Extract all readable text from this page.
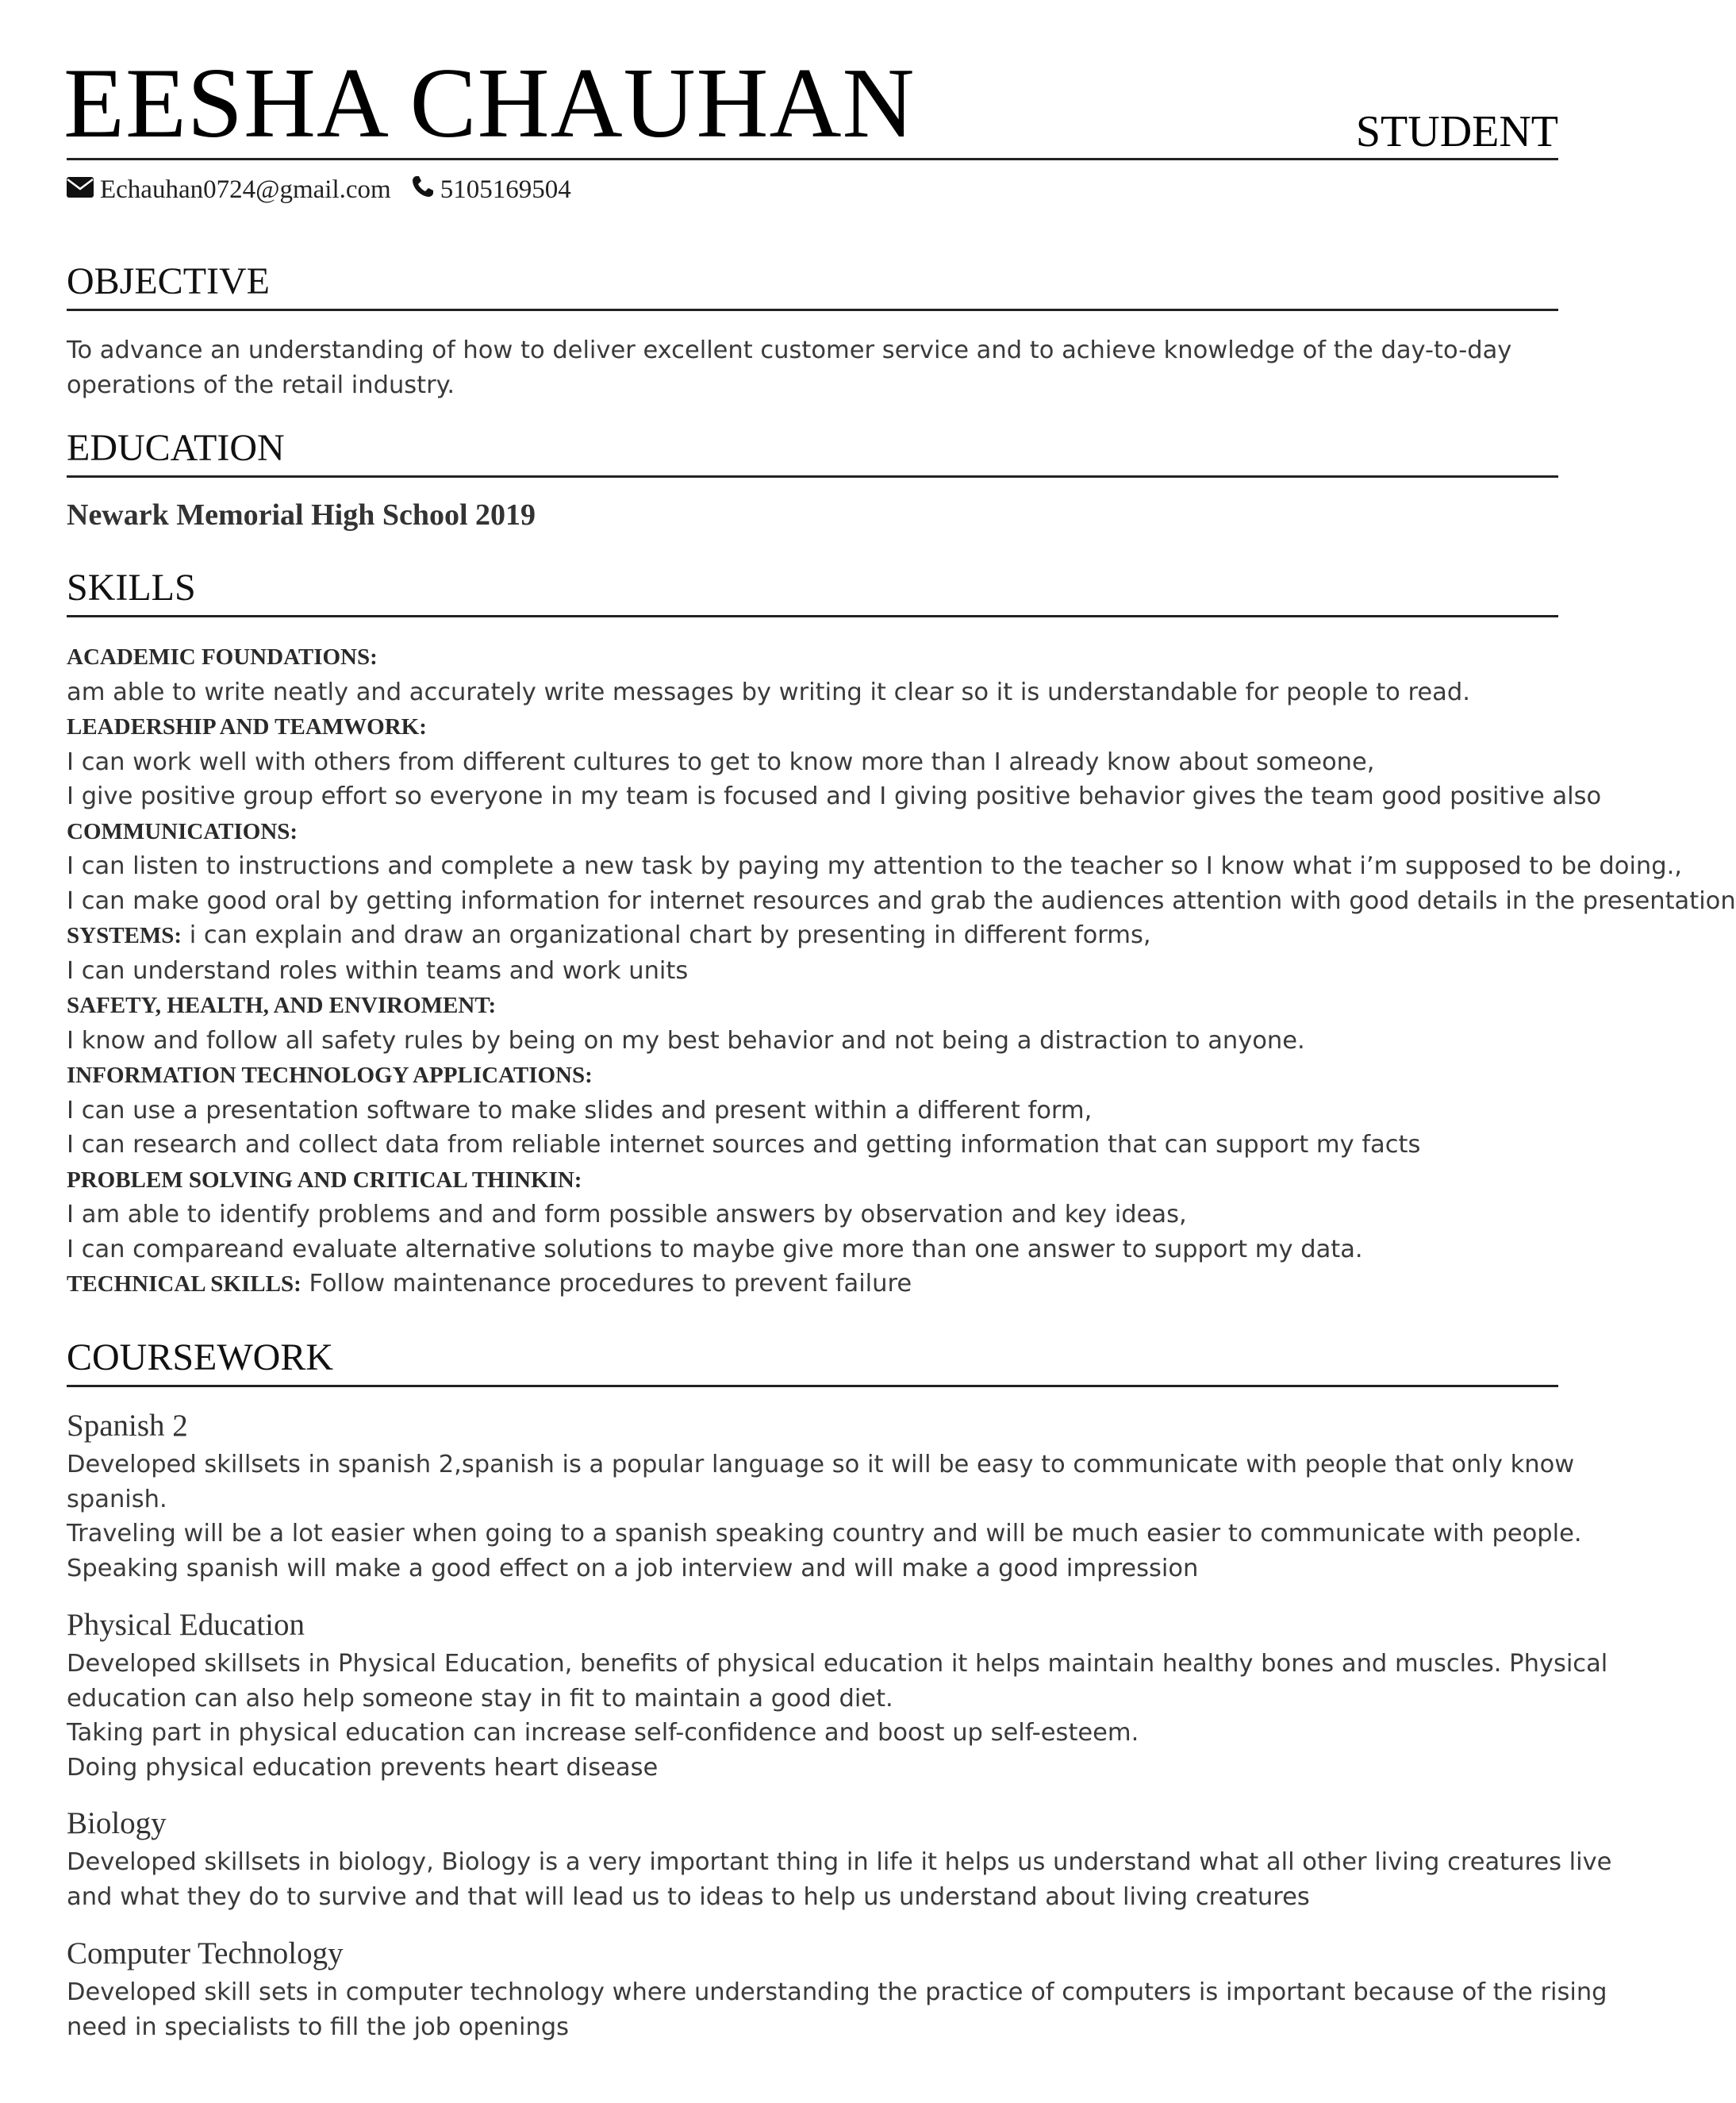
EESHA CHAUHAN	STUDENT
Echauhan0724@gmail.com 5105169504
OBJECTIVE
To advance an understanding of how to deliver excellent customer service and to achieve knowledge of the day-to-day
operations of the retail industry.
EDUCATION
Newark Memorial High School 2019
SKILLS
ACADEMIC FOUNDATIONS:
am able to write neatly and accurately write messages by writing it clear so it is understandable for people to read.
LEADERSHIP AND TEAMWORK:
I can work well with others from different cultures to get to know more than I already know about someone,
I give positive group effort so everyone in my team is focused and I giving positive behavior gives the team good positive also
COMMUNICATIONS:
I can listen to instructions and complete a new task by paying my attention to the teacher so I know what i’m supposed to be doing.,
I can make good oral by getting information for internet resources and grab the audiences attention with good details in the presentation
SYSTEMS: i can explain and draw an organizational chart by presenting in different forms,
I can understand roles within teams and work units
SAFETY, HEALTH, AND ENVIROMENT:
I know and follow all safety rules by being on my best behavior and not being a distraction to anyone.
INFORMATION TECHNOLOGY APPLICATIONS:
I can use a presentation software to make slides and present within a different form,
I can research and collect data from reliable internet sources and getting information that can support my facts
PROBLEM SOLVING AND CRITICAL THINKIN:
I am able to identify problems and and form possible answers by observation and key ideas,
I can compareand evaluate alternative solutions to maybe give more than one answer to support my data.
TECHNICAL SKILLS: Follow maintenance procedures to prevent failure
COURSEWORK
Spanish 2
Developed skillsets in spanish 2,spanish is a popular language so it will be easy to communicate with people that only know
spanish.
Traveling will be a lot easier when going to a spanish speaking country and will be much easier to communicate with people.
Speaking spanish will make a good effect on a job interview and will make a good impression
Physical Education
Developed skillsets in Physical Education, benefits of physical education it helps maintain healthy bones and muscles. Physical
education can also help someone stay in fit to maintain a good diet.
Taking part in physical education can increase self-confidence and boost up self-esteem.
Doing physical education prevents heart disease
Biology
Developed skillsets in biology, Biology is a very important thing in life it helps us understand what all other living creatures live
and what they do to survive and that will lead us to ideas to help us understand about living creatures
Computer Technology
Developed skill sets in computer technology where understanding the practice of computers is important because of the rising
need in specialists to fill the job openings
